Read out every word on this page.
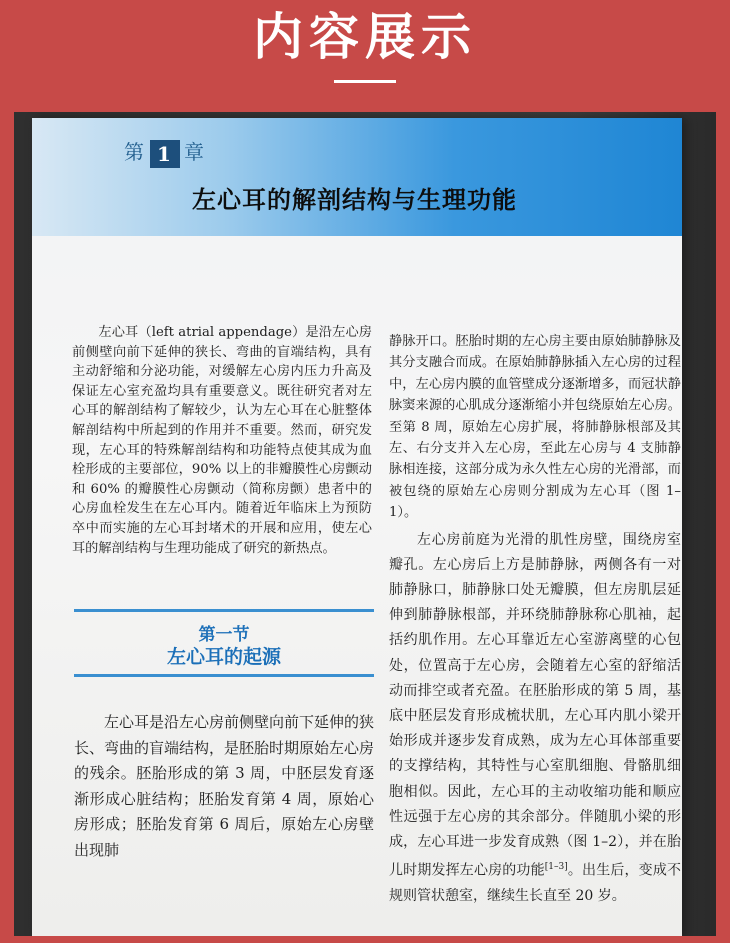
内容展示
第 1 章
左心耳的解剖结构与生理功能

左心耳（left atrial appendage）是沿左心房前侧壁向前下延伸的狭长、弯曲的盲端结构，具有主动舒缩和分泌功能，对缓解左心房内压力升高及保证左心室充盈均具有重要意义。既往研究者对左心耳的解剖结构了解较少，认为左心耳在心脏整体解剖结构中所起到的作用并不重要。然而，研究发现，左心耳的特殊解剖结构和功能特点使其成为血栓形成的主要部位，90% 以上的非瓣膜性心房颤动和 60% 的瓣膜性心房颤动（简称房颤）患者中的心房血栓发生在左心耳内。随着近年临床上为预防卒中而实施的左心耳封堵术的开展和应用，使左心耳的解剖结构与生理功能成了研究的新热点。

第一节
左心耳的起源

左心耳是沿左心房前侧壁向前下延伸的狭长、弯曲的盲端结构，是胚胎时期原始左心房的残余。胚胎形成的第 3 周，中胚层发育逐渐形成心脏结构；胚胎发育第 4 周，原始心房形成；胚胎发育第 6 周后，原始左心房壁出现肺

静脉开口。胚胎时期的左心房主要由原始肺静脉及其分支融合而成。在原始肺静脉插入左心房的过程中，左心房内膜的血管壁成分逐渐增多，而冠状静脉窦来源的心肌成分逐渐缩小并包绕原始左心房。至第 8 周，原始左心房扩展，将肺静脉根部及其左、右分支并入左心房，至此左心房与 4 支肺静脉相连接，这部分成为永久性左心房的光滑部，而被包绕的原始左心房则分割成为左心耳（图 1–1）。

左心房前庭为光滑的肌性房壁，围绕房室瓣孔。左心房后上方是肺静脉，两侧各有一对肺静脉口，肺静脉口处无瓣膜，但左房肌层延伸到肺静脉根部，并环绕肺静脉称心肌袖，起括约肌作用。左心耳靠近左心室游离壁的心包处，位置高于左心房，会随着左心室的舒缩活动而排空或者充盈。在胚胎形成的第 5 周，基底中胚层发育形成梳状肌，左心耳内肌小梁开始形成并逐步发育成熟，成为左心耳体部重要的支撑结构，其特性与心室肌细胞、骨骼肌细胞相似。因此，左心耳的主动收缩功能和顺应性远强于左心房的其余部分。伴随肌小梁的形成，左心耳进一步发育成熟（图 1–2），并在胎儿时期发挥左心房的功能[1–3]。出生后，变成不规则管状憩室，继续生长直至 20 岁。
